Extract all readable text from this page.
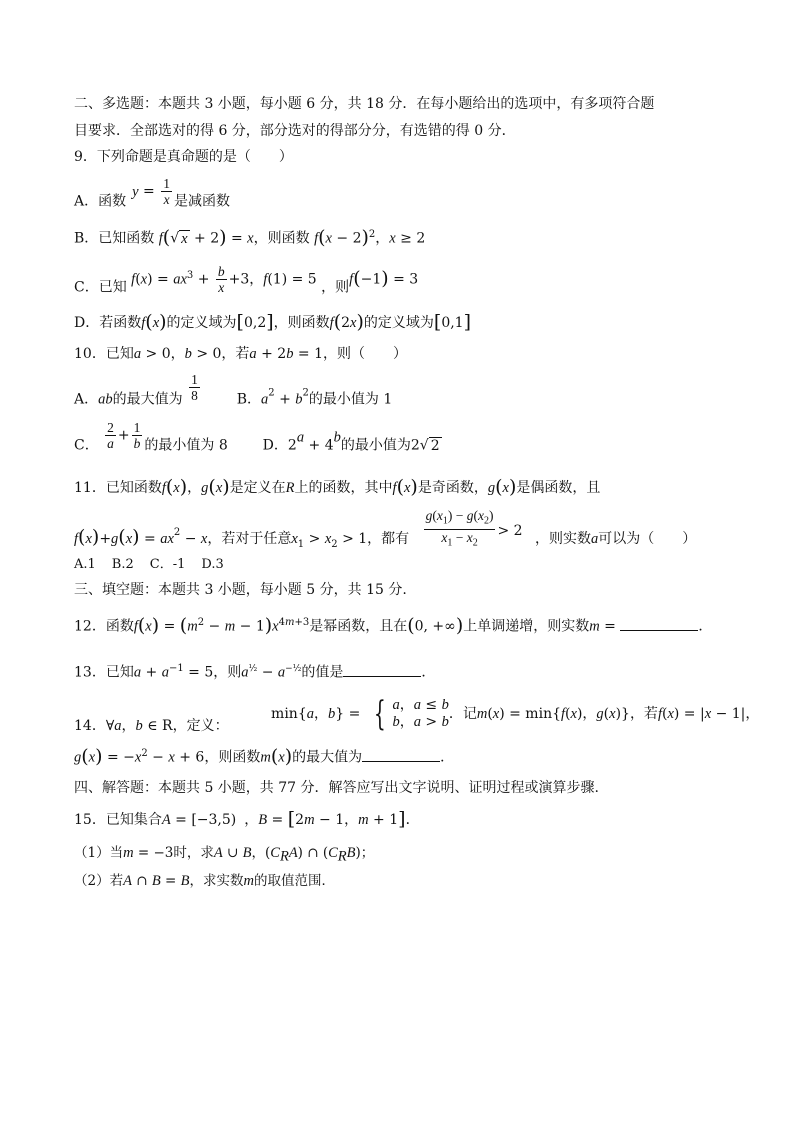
二、多选题：本题共 3 小题，每小题 6 分，共 18 分．在每小题给出的选项中，有多项符合题
目要求．全部选对的得 6 分，部分选对的得部分分，有选错的得 0 分．
9．下列命题是真命题的是（　　）
A．函数$y = \frac{1}{x}$ 是减函数
B．已知函数 f(√ x + 2) = x，则函数 $f(x - 2)^2$，x ≥ 2
C．已知 $f(x) = ax^3 + \frac{b}{x} +3$，f(1) = 5 ，则f(−1) = 3
D．若函数f(x)的定义域为[0,2]，则函数f(2x)的定义域为[0,1]
10．已知a > 0，b > 0，若a + 2b = 1，则（　　）
A．ab的最大值为 $\frac{1}{8}$	B．$a^2 + b^2$的最小值为 1
C． $\frac{2}{a} + \frac{1}{b}$ 的最小值为 8 D．$2^a + 4^b$的最小值为2√ 2
11．已知函数f(x)，g(x)是定义在R上的函数，其中f(x)是奇函数，g(x)是偶函数，且
$f(x)+g(x) = ax^2 - x$，若对于任意$x_1 > x_2 > 1$，都有 $\frac{g(x_1) - g(x_2)}{x_1 - x_2} > 2$ ，则实数a可以为（　　）
A.1 B.2 C．-1 D.3
三、填空题：本题共 3 小题，每小题 5 分，共 15 分.
12．函数$f(x) = (m^2 - m - 1)x^{4m+3}$是幂函数，且在(0, +∞)上单调递增，则实数m =	．
13．已知$a + a^{-1} = 5$，则$a^{\frac{1}{2}} - a^{-\frac{1}{2}}$的值是	．
14．∀a，b ∈ R，定义： min{a，b} = { a，a ≤ b
b，a > b．记m(x) = min{f(x)，g(x)}，若f(x) = |x − 1|，
$g(x) = -x^2 - x + 6$，则函数m(x)的最大值为	．
四、解答题：本题共 5 小题，共 77 分．解答应写出文字说明、证明过程或演算步骤.
15．已知集合A = [−3,5) ，B = [2m − 1，m + 1]．
（1）当m = −3时，求A ∪ B，$(C_RA)$ ∩ $(C_RB)$；
（2）若A ∩ B = B，求实数m的取值范围．
